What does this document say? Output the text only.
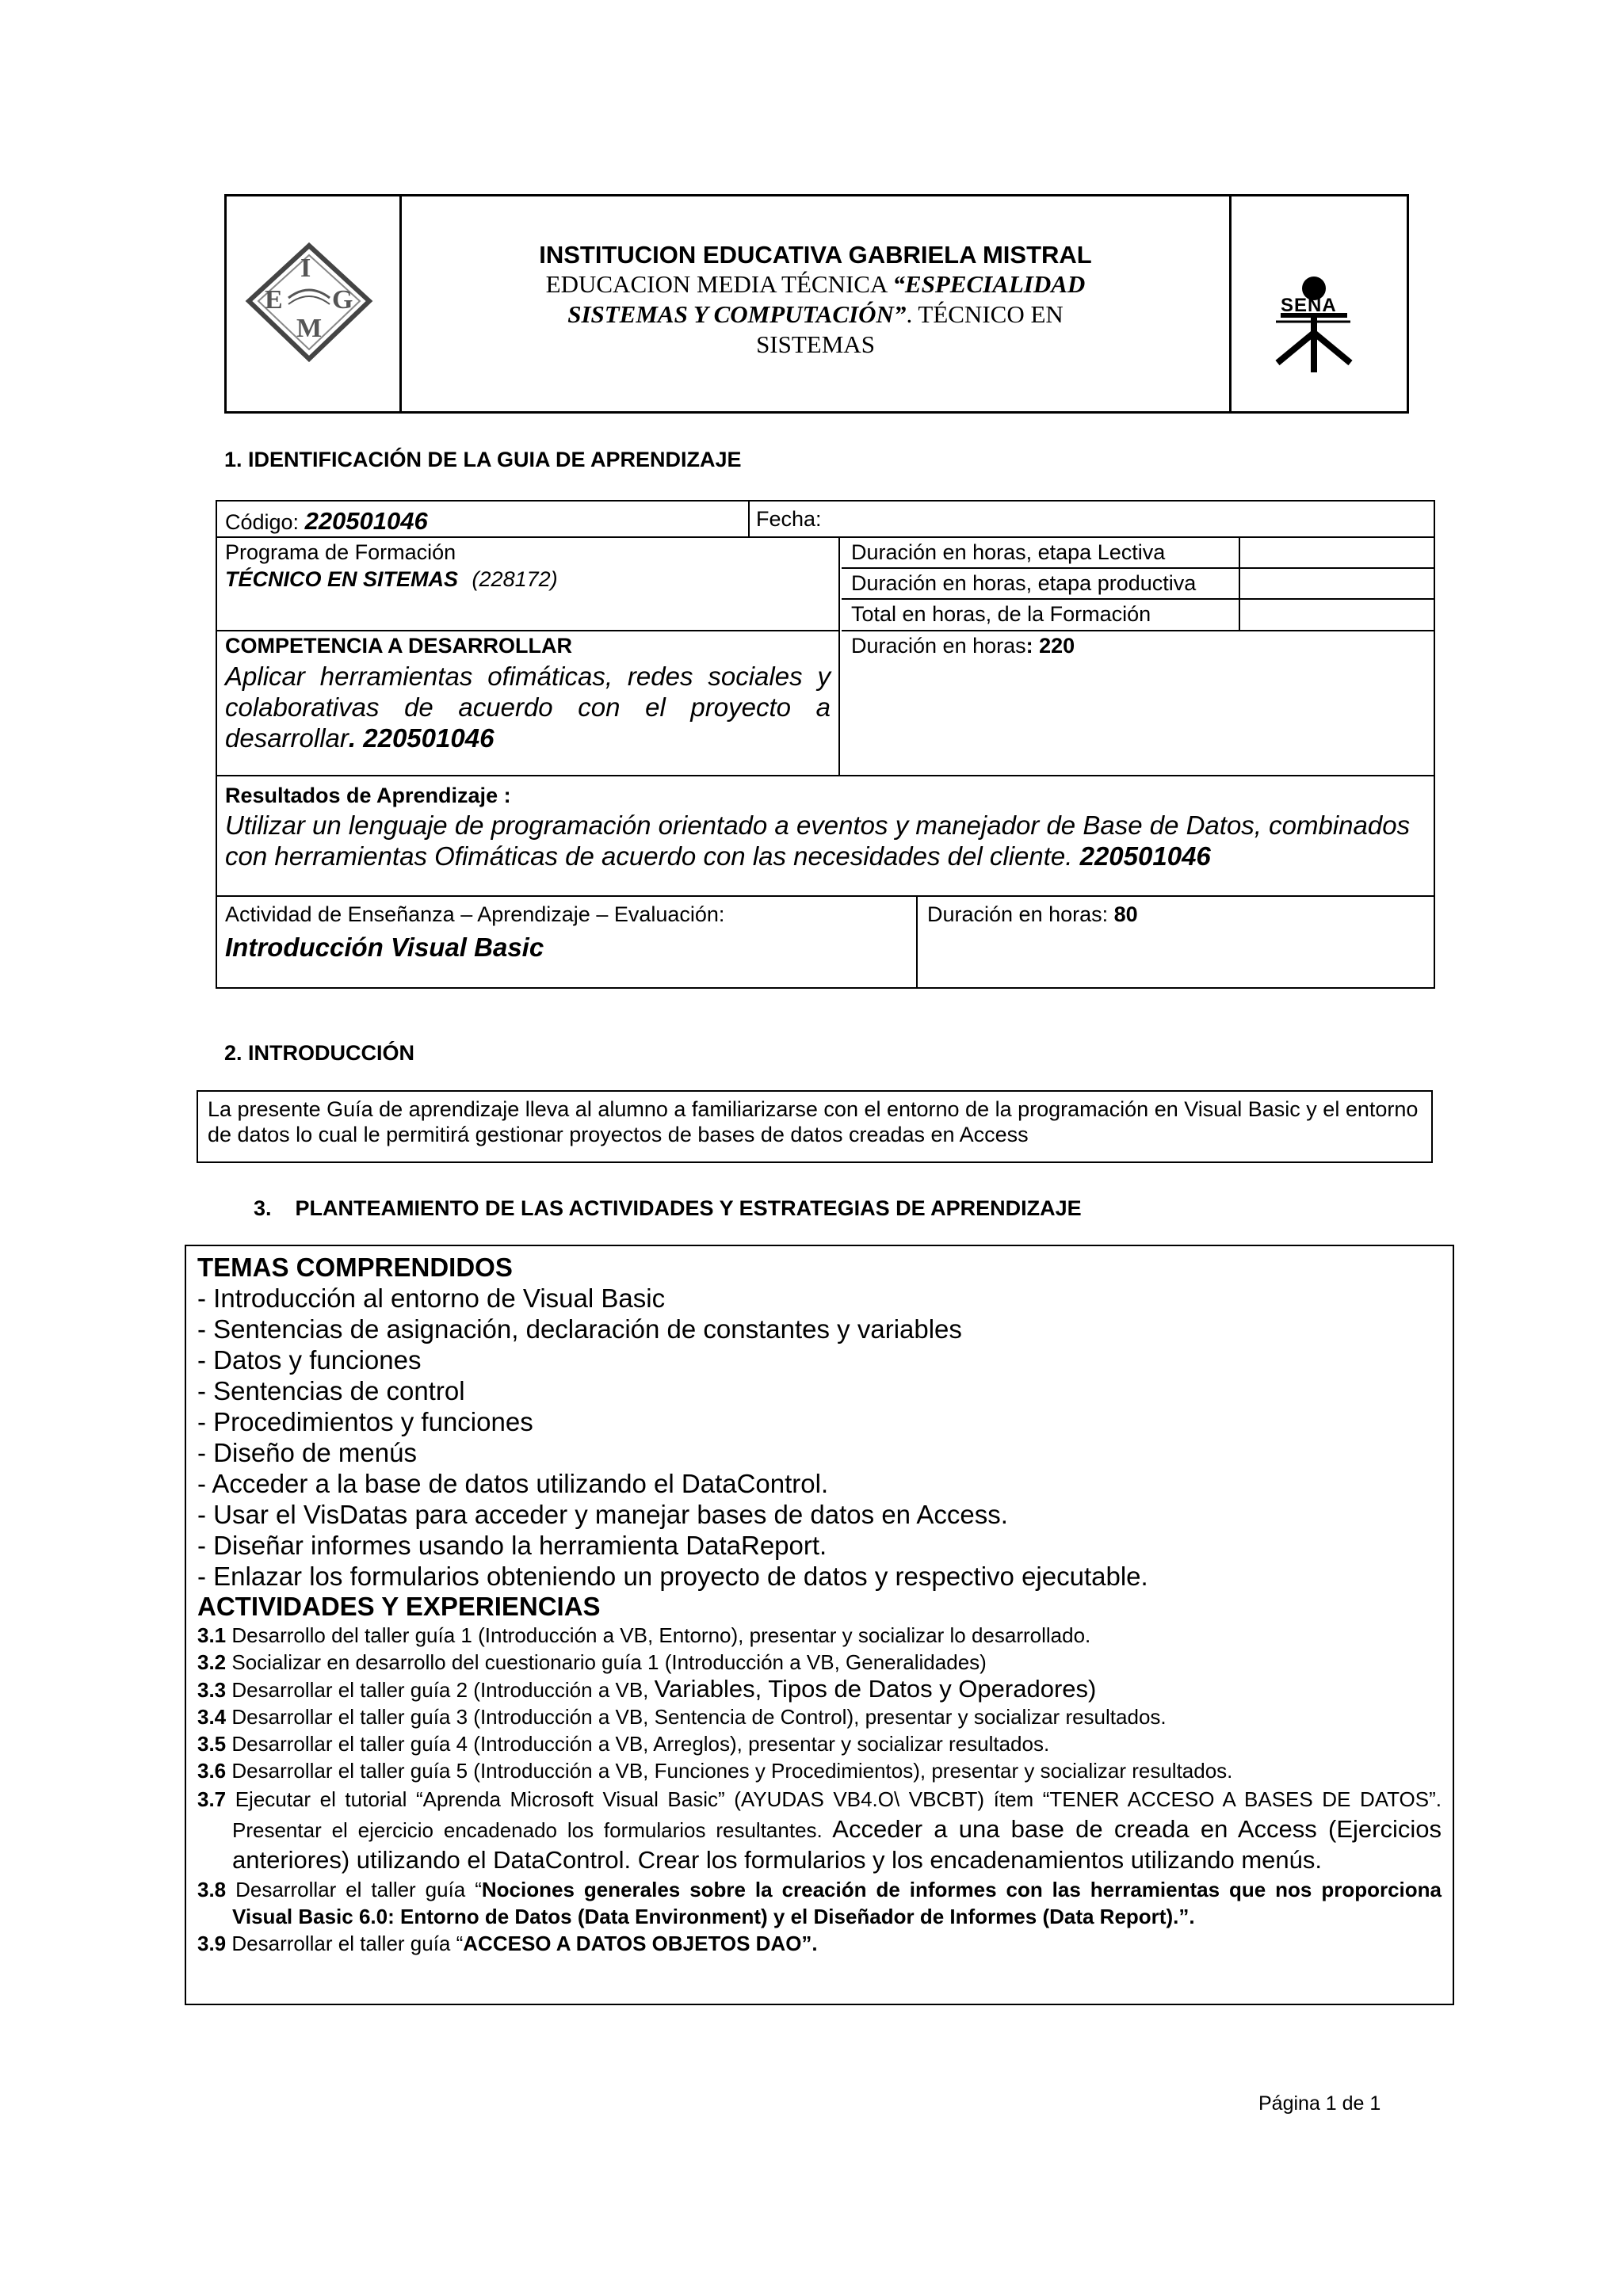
I
E G
M
INSTITUCION EDUCATIVA GABRIELA MISTRAL
EDUCACION MEDIA TÉCNICA “ESPECIALIDAD
SISTEMAS Y COMPUTACIÓN”. TÉCNICO EN
SISTEMAS
SENA
1. IDENTIFICACIÓN DE LA GUIA DE APRENDIZAJE
Código: 220501046	Fecha:
Programa de Formación
TÉCNICO EN SITEMAS (228172)
COMPETENCIA A DESARROLLAR
Aplicar herramientas ofimáticas, redes sociales y colaborativas de acuerdo con el proyecto a desarrollar. 220501046
Duración en horas, etapa Lectiva
Duración en horas, etapa productiva
Total en horas, de la Formación
Duración en horas: 220
Resultados de Aprendizaje :
Utilizar un lenguaje de programación orientado a eventos y manejador de Base de Datos, combinados con herramientas Ofimáticas de acuerdo con las necesidades del cliente. 220501046
Actividad de Enseñanza – Aprendizaje – Evaluación:
Introducción Visual Basic
Duración en horas: 80
2. INTRODUCCIÓN
La presente Guía de aprendizaje lleva al alumno a familiarizarse con el entorno de la programación en Visual Basic y el entorno de datos lo cual le permitirá gestionar proyectos de bases de datos creadas en Access
3. PLANTEAMIENTO DE LAS ACTIVIDADES Y ESTRATEGIAS DE APRENDIZAJE
TEMAS COMPRENDIDOS
- Introducción al entorno de Visual Basic
- Sentencias de asignación, declaración de constantes y variables
- Datos y funciones
- Sentencias de control
- Procedimientos y funciones
- Diseño de menús
- Acceder a la base de datos utilizando el DataControl.
- Usar el VisDatas para acceder y manejar bases de datos en Access.
- Diseñar informes usando la herramienta DataReport.
- Enlazar los formularios obteniendo un proyecto de datos y respectivo ejecutable.
ACTIVIDADES Y EXPERIENCIAS
3.1 Desarrollo del taller guía 1 (Introducción a VB, Entorno), presentar y socializar lo desarrollado.
3.2 Socializar en desarrollo del cuestionario guía 1 (Introducción a VB, Generalidades)
3.3 Desarrollar el taller guía 2 (Introducción a VB, Variables, Tipos de Datos y Operadores)
3.4 Desarrollar el taller guía 3 (Introducción a VB, Sentencia de Control), presentar y socializar resultados.
3.5 Desarrollar el taller guía 4 (Introducción a VB, Arreglos), presentar y socializar resultados.
3.6 Desarrollar el taller guía 5 (Introducción a VB, Funciones y Procedimientos), presentar y socializar resultados.
3.7 Ejecutar el tutorial “Aprenda Microsoft Visual Basic” (AYUDAS VB4.O\ VBCBT) ítem “TENER ACCESO A BASES DE DATOS”. Presentar el ejercicio encadenado los formularios resultantes. Acceder a una base de creada en Access (Ejercicios anteriores) utilizando el DataControl. Crear los formularios y los encadenamientos utilizando menús.
3.8 Desarrollar el taller guía “Nociones generales sobre la creación de informes con las herramientas que nos proporciona Visual Basic 6.0: Entorno de Datos (Data Environment) y el Diseñador de Informes (Data Report).”.
3.9 Desarrollar el taller guía “ACCESO A DATOS OBJETOS DAO”.
Página 1 de 1
